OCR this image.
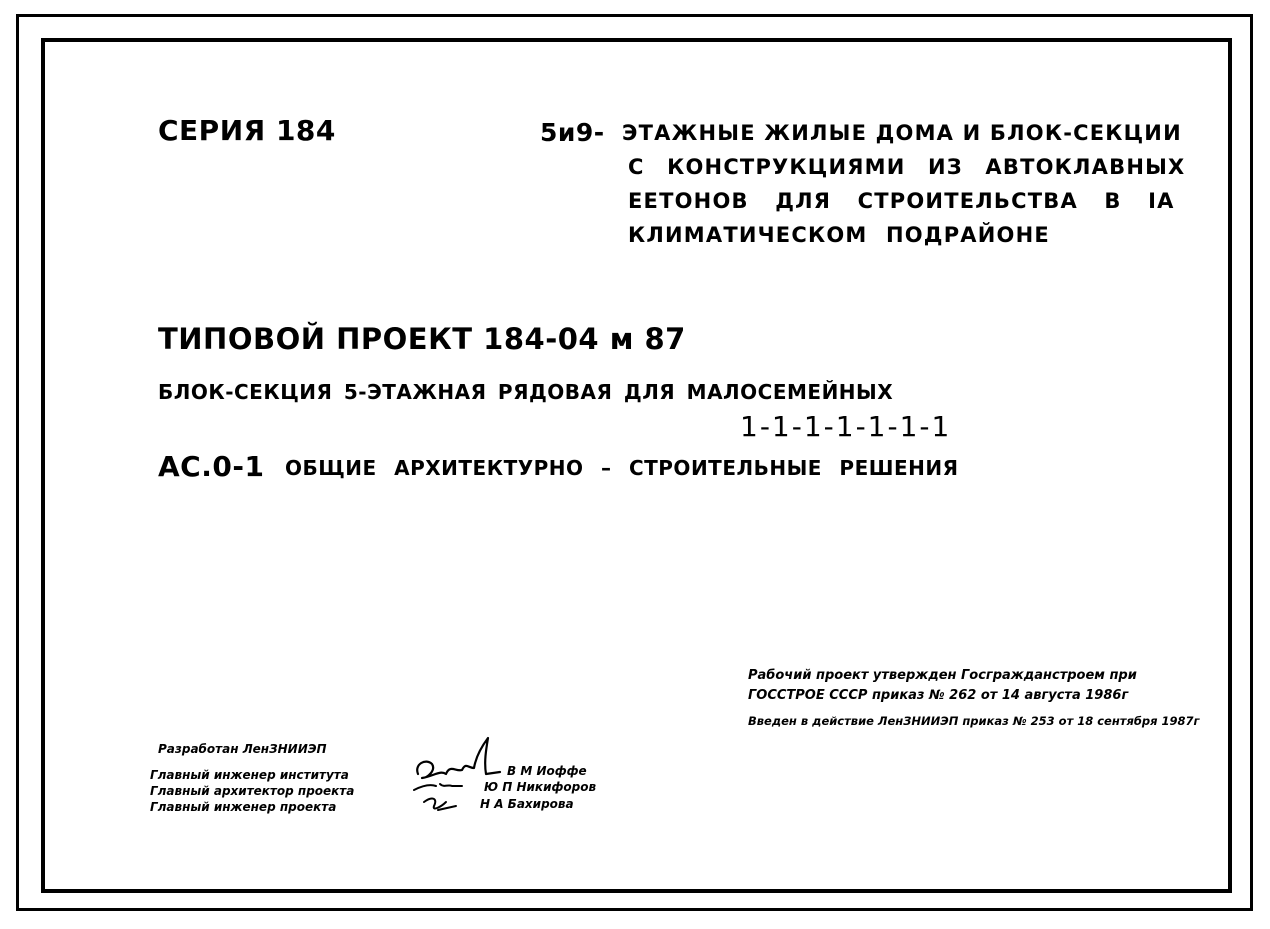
СЕРИЯ 184	5и9- ЭТАЖНЫЕ ЖИЛЫЕ ДОМА И БЛОК-СЕКЦИИ
С КОНСТРУКЦИЯМИ ИЗ АВТОКЛАВНЫХ
ЕЕТОНОВ ДЛЯ СТРОИТЕЛЬСТВА В IA
КЛИМАТИЧЕСКОМ ПОДРАЙОНЕ
ТИПОВОЙ ПРОЕКТ 184-04 м 87
БЛОК-СЕКЦИЯ 5-ЭТАЖНАЯ РЯДОВАЯ ДЛЯ МАЛОСЕМЕЙНЫХ
1-1-1-1-1-1-1
АС.0-1 ОБЩИЕ АРХИТЕКТУРНО – СТРОИТЕЛЬНЫЕ РЕШЕНИЯ
Рабочий проект утвержден Госгражданстроем при
ГОССТРОЕ СССР приказ № 262 от 14 августа 1986г
Введен в действие ЛенЗНИИЭП приказ № 253 от 18 сентября 1987г
Разработан ЛенЗНИИЭП
Главный инженер института
Главный архитектор проекта
Главный инженер проекта
В М Иоффе
Ю П Никифоров
Н А Бахирова
